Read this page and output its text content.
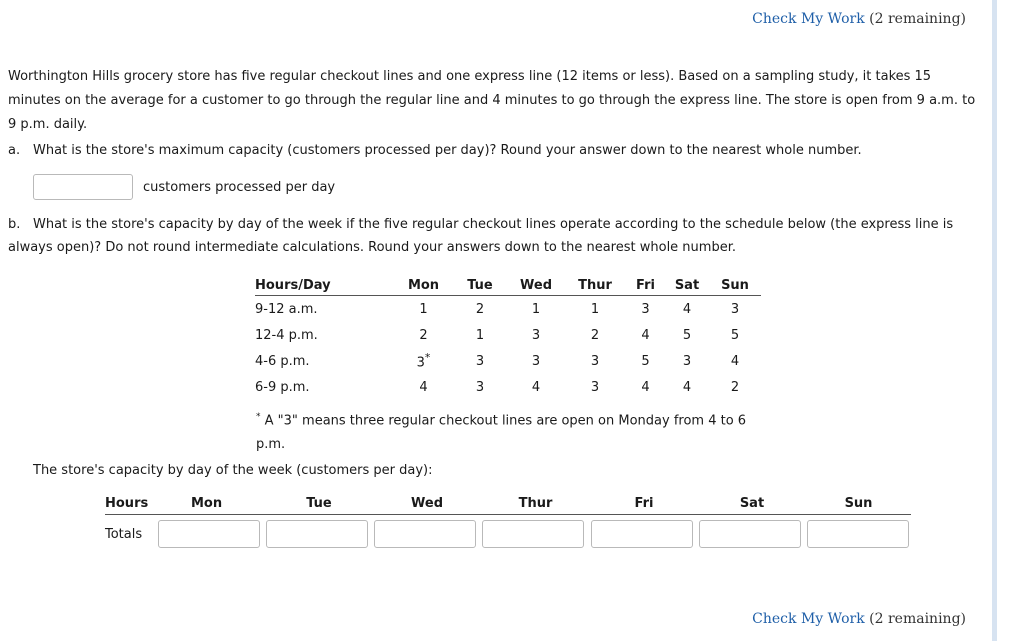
Check My Work (2 remaining)
Worthington Hills grocery store has five regular checkout lines and one express line (12 items or less). Based on a sampling study, it takes 15 minutes on the average for a customer to go through the regular line and 4 minutes to go through the express line. The store is open from 9 a.m. to 9 p.m. daily.
a. What is the store's maximum capacity (customers processed per day)? Round your answer down to the nearest whole number.
customers processed per day
b. What is the store's capacity by day of the week if the five regular checkout lines operate according to the schedule below (the express line is always open)? Do not round intermediate calculations. Round your answers down to the nearest whole number.
Hours/Day	Mon	Tue	Wed	Thur	Fri	Sat	Sun
9-12 a.m.	1	2	1	1	3	4	3
12-4 p.m.	2	1	3	2	4	5	5
4-6 p.m.	3*	3	3	3	5	3	4
6-9 p.m.	4	3	4	3	4	4	2
* A "3" means three regular checkout lines are open on Monday from 4 to 6 p.m.
The store's capacity by day of the week (customers per day):
Hours	Mon	Tue	Wed	Thur	Fri	Sat	Sun
Totals							
Check My Work (2 remaining)
